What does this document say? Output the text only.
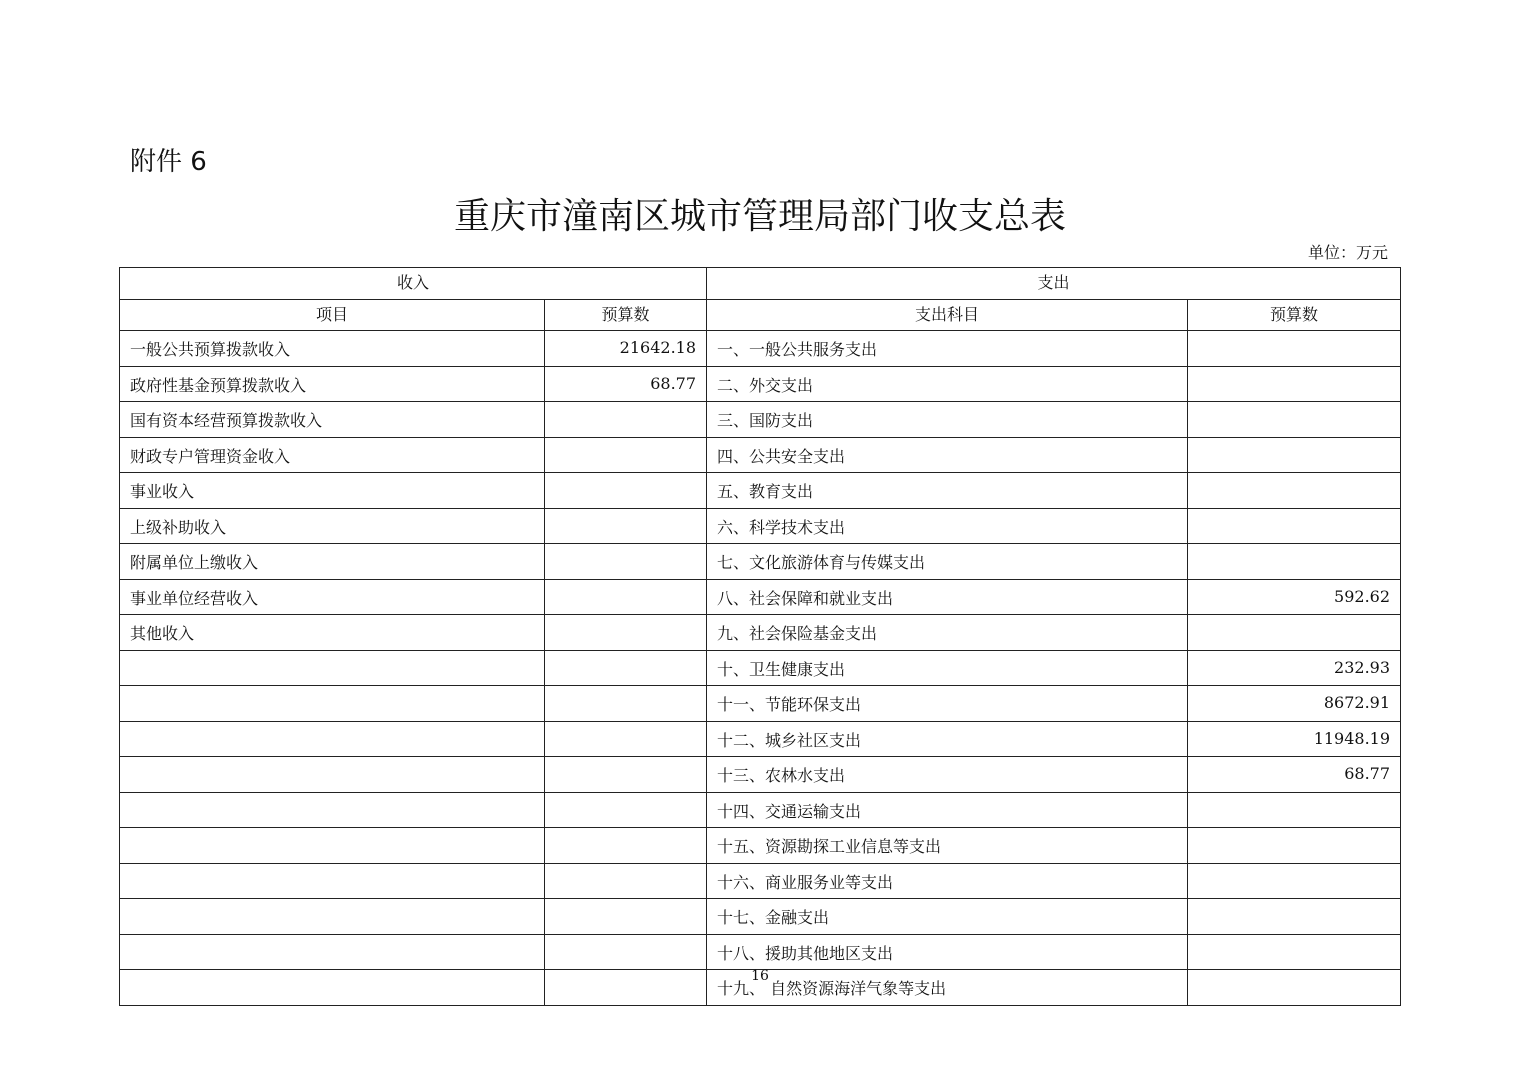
附件 6
重庆市潼南区城市管理局部门收支总表
单位：万元
收入		支出	
项目	预算数	支出科目	预算数
一般公共预算拨款收入	21642.18	一、一般公共服务支出	
政府性基金预算拨款收入	68.77	二、外交支出	
国有资本经营预算拨款收入		三、国防支出	
财政专户管理资金收入		四、公共安全支出	
事业收入		五、教育支出	
上级补助收入		六、科学技术支出	
附属单位上缴收入		七、文化旅游体育与传媒支出	
事业单位经营收入		八、社会保障和就业支出	592.62
其他收入		九、社会保险基金支出	
		十、卫生健康支出	232.93
		十一、节能环保支出	8672.91
		十二、城乡社区支出	11948.19
		十三、农林水支出	68.77
		十四、交通运输支出	
		十五、资源勘探工业信息等支出	
		十六、商业服务业等支出	
		十七、金融支出	
		十八、援助其他地区支出	
		十九、 自然资源海洋气象等支出	
16
